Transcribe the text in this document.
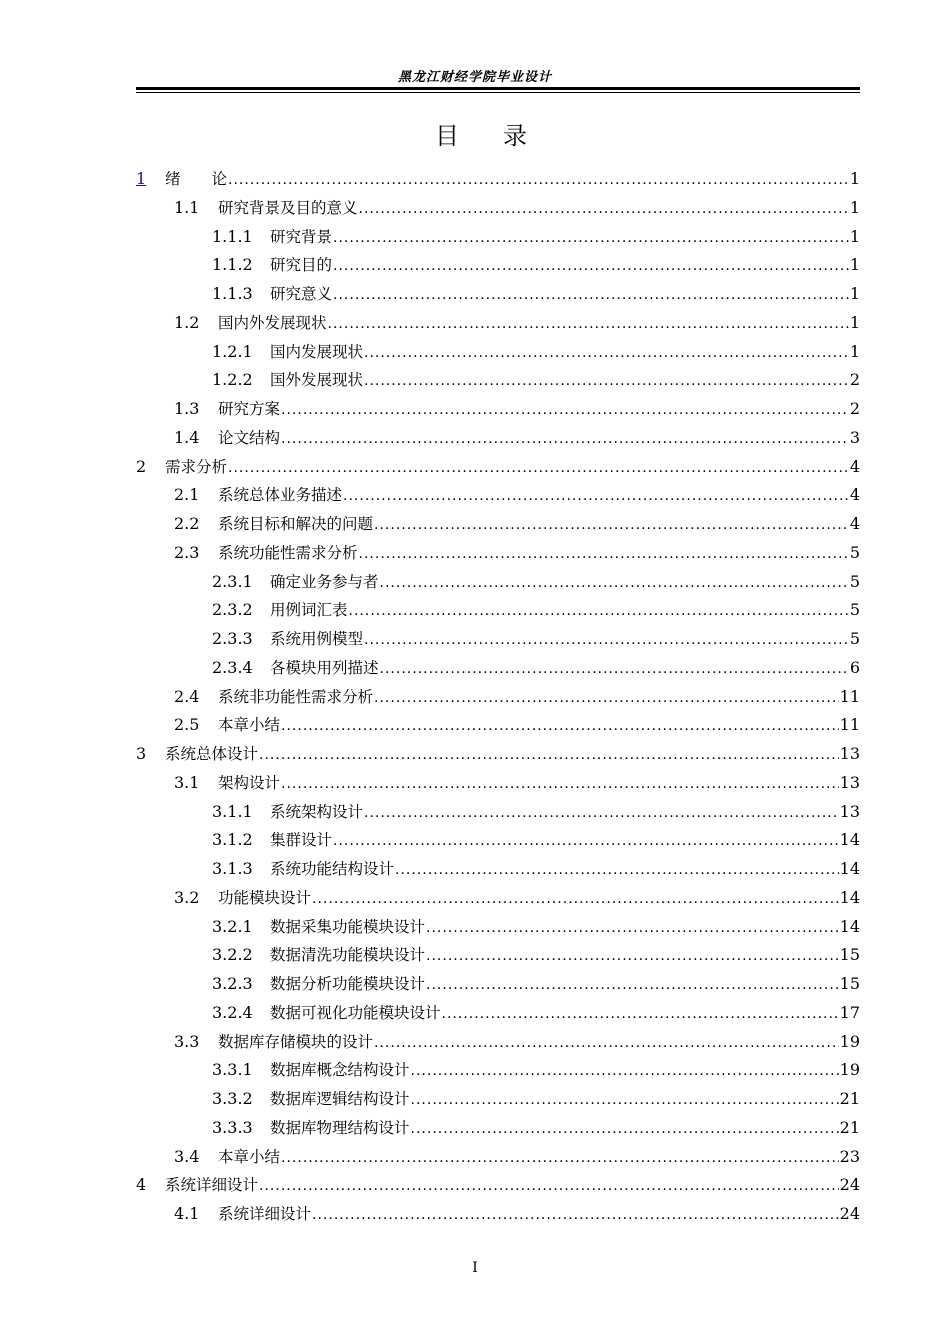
黑龙江财经学院毕业设计
目 录
1	绪　　论 .....	1
1.1	研究背景及目的意义 .....	1
1.1.1	研究背景 .....	1
1.1.2	研究目的 .....	1
1.1.3	研究意义 .....	1
1.2	国内外发展现状 .....	1
1.2.1	国内发展现状 .....	1
1.2.2	国外发展现状 .....	2
1.3	研究方案 .....	2
1.4	论文结构 .....	3
2	需求分析 .....	4
2.1	系统总体业务描述 .....	4
2.2	系统目标和解决的问题 .....	4
2.3	系统功能性需求分析 .....	5
2.3.1	确定业务参与者 .....	5
2.3.2	用例词汇表 .....	5
2.3.3	系统用例模型 .....	5
2.3.4	各模块用列描述 .....	6
2.4	系统非功能性需求分析 .....	11
2.5	本章小结 .....	11
3	系统总体设计 .....	13
3.1	架构设计 .....	13
3.1.1	系统架构设计 .....	13
3.1.2	集群设计 .....	14
3.1.3	系统功能结构设计 .....	14
3.2	功能模块设计 .....	14
3.2.1	数据采集功能模块设计 .....	14
3.2.2	数据清洗功能模块设计 .....	15
3.2.3	数据分析功能模块设计 .....	15
3.2.4	数据可视化功能模块设计 .....	17
3.3	数据库存储模块的设计 .....	19
3.3.1	数据库概念结构设计 .....	19
3.3.2	数据库逻辑结构设计 .....	21
3.3.3	数据库物理结构设计 .....	21
3.4	本章小结 .....	23
4	系统详细设计 .....	24
4.1	系统详细设计 .....	24
I
